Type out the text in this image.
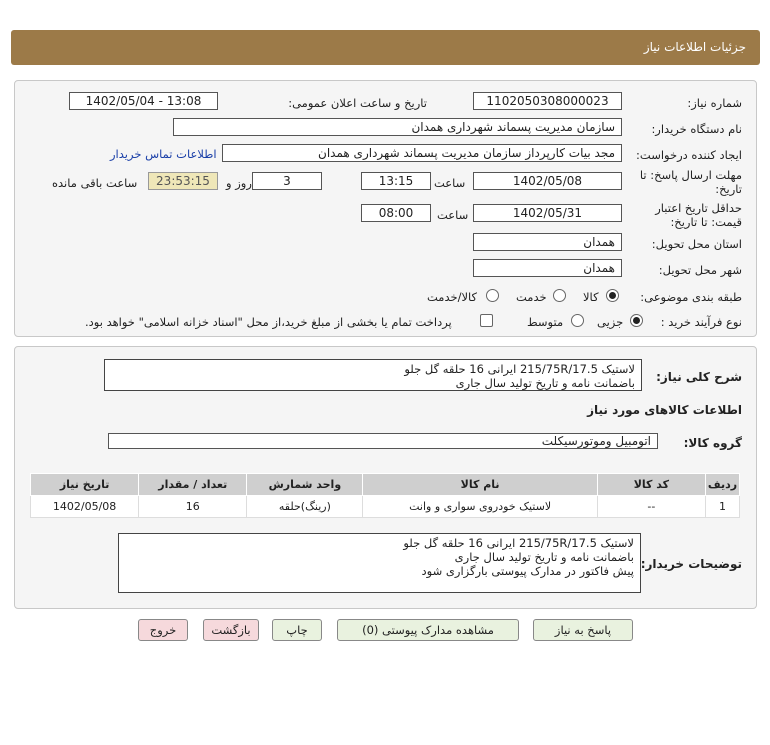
جزئیات اطلاعات نیاز
شماره نیاز:
1102050308000023
تاریخ و ساعت اعلان عمومی:
1402/05/04 - 13:08
نام دستگاه خریدار:
سازمان مدیریت پسماند شهرداری همدان
ایجاد کننده درخواست:
مجد بیات کارپرداز سازمان مدیریت پسماند شهرداری همدان
اطلاعات تماس خریدار
مهلت ارسال پاسخ: تا
تاریخ:
1402/05/08
ساعت
13:15
3
روز و
23:53:15
ساعت باقی مانده
حداقل تاریخ اعتبار
قیمت: تا تاریخ:
1402/05/31
ساعت
08:00
استان محل تحویل:
همدان
شهر محل تحویل:
همدان
طبقه بندی موضوعی:
کالا
خدمت
کالا/خدمت
نوع فرآیند خرید :
جزیی
متوسط
پرداخت تمام یا بخشی از مبلغ خرید،از محل "اسناد خزانه اسلامی" خواهد بود.
شرح کلی نیاز:
لاستیک 215/75R/17.5 ایرانی 16 حلقه گل جلو
باضمانت نامه و تاریخ تولید سال جاری
اطلاعات کالاهای مورد نیاز
گروه کالا:
اتومبیل وموتورسیکلت
ردیف	کد کالا	نام کالا	واحد شمارش	تعداد / مقدار	تاریخ نیاز
1	--	لاستیک خودروی سواری و وانت	(رینگ)حلقه	16	1402/05/08
توضیحات خریدار:
لاستیک 215/75R/17.5 ایرانی 16 حلقه گل جلو
باضمانت نامه و تاریخ تولید سال جاری
پیش فاکتور در مدارک پیوستی بارگزاری شود
پاسخ به نیاز
مشاهده مدارک پیوستی (0)
چاپ
بازگشت
خروج
